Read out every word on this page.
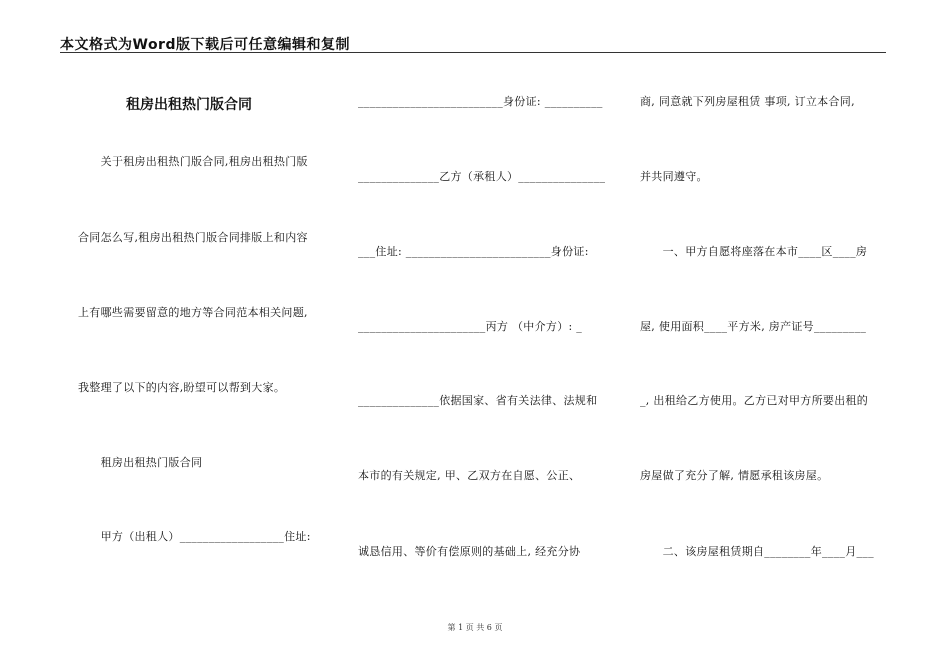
本文格式为Word版下载后可任意编辑和复制
租房出租热门版合同
　　关于租房出租热门版合同,租房出租热门版
合同怎么写,租房出租热门版合同排版上和内容
上有哪些需要留意的地方等合同范本相关问题,
我整理了以下的内容,盼望可以帮到大家。
　　租房出租热门版合同
　　甲方（出租人）__________________住址:
_________________________身份证: __________
______________乙方（承租人）_______________
___住址: _________________________身份证:
______________________丙方 （中介方）: _
______________依据国家、省有关法律、法规和
本市的有关规定, 甲、乙双方在自愿、公正、
诚恳信用、等价有偿原则的基础上, 经充分协
商, 同意就下列房屋租赁 事项, 订立本合同,
并共同遵守。
　　一、甲方自愿将座落在本市____区____房
屋, 使用面积____平方米, 房产证号_________
_, 出租给乙方使用。乙方已对甲方所要出租的
房屋做了充分了解, 情愿承租该房屋。
　　二、该房屋租赁期自________年____月___
第 1 页 共 6 页
